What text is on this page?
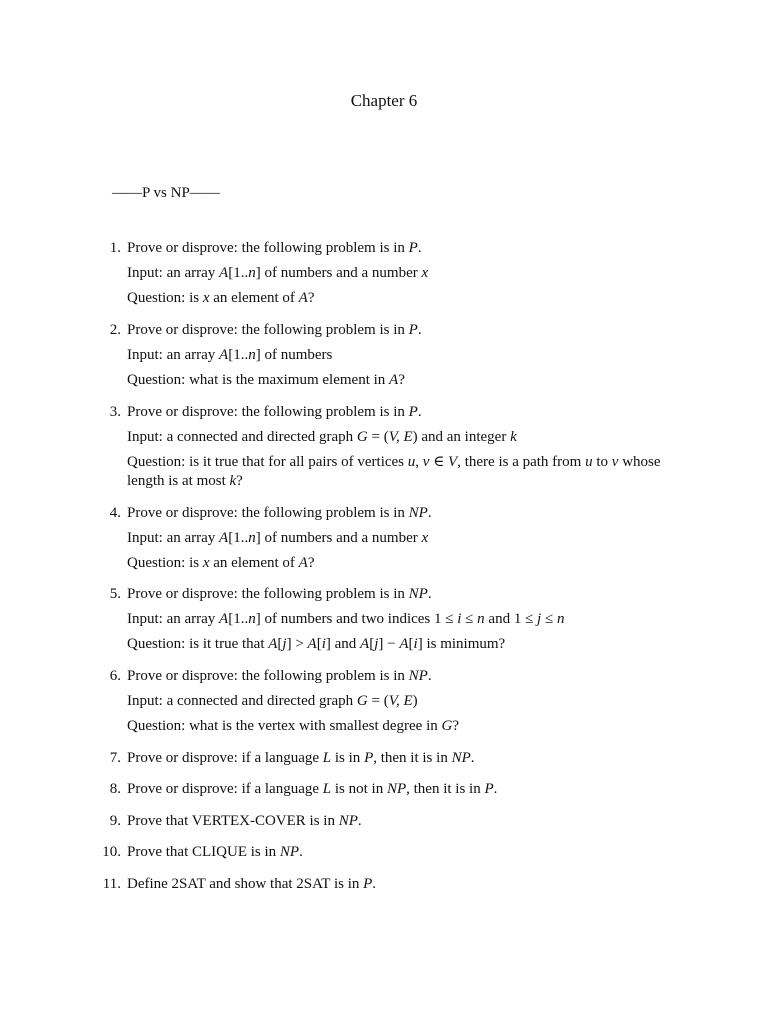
Chapter 6
——P vs NP——
1. Prove or disprove: the following problem is in P.
Input: an array A[1..n] of numbers and a number x
Question: is x an element of A?
2. Prove or disprove: the following problem is in P.
Input: an array A[1..n] of numbers
Question: what is the maximum element in A?
3. Prove or disprove: the following problem is in P.
Input: a connected and directed graph G = (V, E) and an integer k
Question: is it true that for all pairs of vertices u, v ∈ V, there is a path from u to v whose length is at most k?
4. Prove or disprove: the following problem is in NP.
Input: an array A[1..n] of numbers and a number x
Question: is x an element of A?
5. Prove or disprove: the following problem is in NP.
Input: an array A[1..n] of numbers and two indices 1 ≤ i ≤ n and 1 ≤ j ≤ n
Question: is it true that A[j] > A[i] and A[j] − A[i] is minimum?
6. Prove or disprove: the following problem is in NP.
Input: a connected and directed graph G = (V, E)
Question: what is the vertex with smallest degree in G?
7. Prove or disprove: if a language L is in P, then it is in NP.
8. Prove or disprove: if a language L is not in NP, then it is in P.
9. Prove that VERTEX-COVER is in NP.
10. Prove that CLIQUE is in NP.
11. Define 2SAT and show that 2SAT is in P.
